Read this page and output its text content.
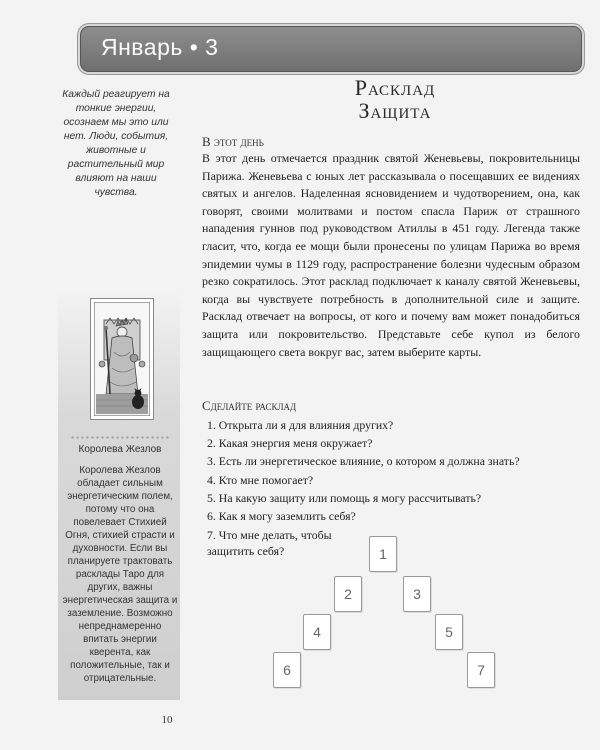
Январь • 3
Каждый реагирует на тонкие энергии, осознаем мы это или нет. Люди, события, животные и растительный мир влияют на наши чувства.
Королева Жезлов
Королева Жезлов обладает сильным энергетическим полем, потому что она повелевает Стихией Огня, стихией страсти и духовности. Если вы планируете трактовать расклады Таро для других, важны энергетическая защита и заземление. Возможно непреднамеренно впитать энергии кверента, как положительные, так и отрицательные.
Расклад
Защита
В этот день

В этот день отмечается праздник святой Женевьевы, покровительницы Парижа. Женевьева с юных лет рассказывала о посещавших ее видениях святых и ангелов. Наделенная ясновидением и чудотворением, она, как говорят, своими молитвами и постом спасла Париж от страшного нападения гуннов под руководством Атиллы в 451 году. Легенда также гласит, что, когда ее мощи были пронесены по улицам Парижа во время эпидемии чумы в 1129 году, распространение болезни чудесным образом резко сократилось. Этот расклад подключает к каналу святой Женевьевы, когда вы чувствуете потребность в дополнительной силе и защите. Расклад отвечает на вопросы, от кого и почему вам может понадобиться защита или покровительство. Представьте себе купол из белого защищающего света вокруг вас, затем выберите карты.

Сделайте расклад
1. Открыта ли я для влияния других?
2. Какая энергия меня окружает?
3. Есть ли энергетическое влияние, о котором я должна знать?
4. Кто мне помогает?
5. На какую защиту или помощь я могу рассчитывать?
6. Как я могу заземлить себя?
7. Что мне делать, чтобы защитить себя?	1
2	3
4	5
6	7
10
